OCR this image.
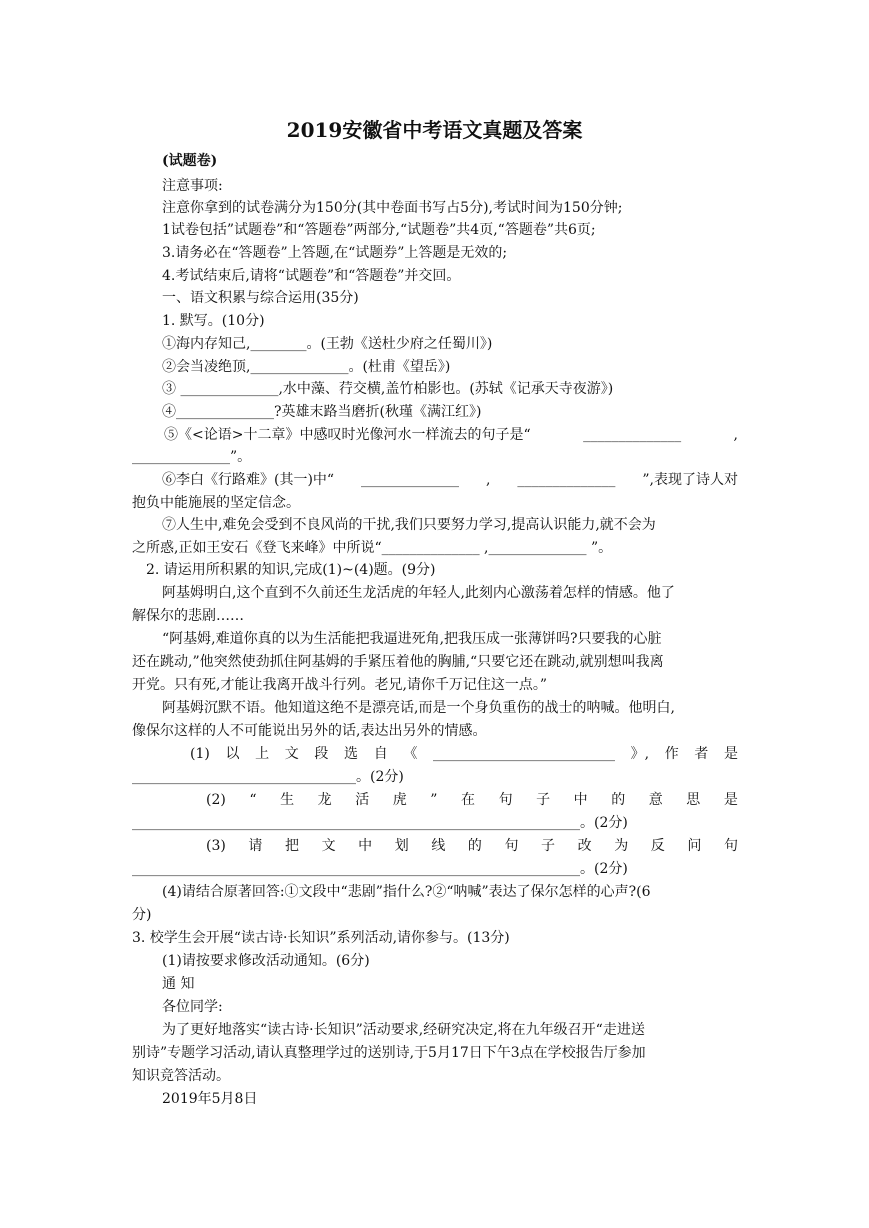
2019安徽省中考语文真题及答案
(试题卷)
注意事项:
注意你拿到的试卷满分为150分(其中卷面书写占5分),考试时间为150分钟;
1试卷包括”试题卷”和“答题卷”两部分,“试题卷”共4页,“答题卷”共6页;
3.请务必在“答题卷”上答题,在“试题券”上答题是无效的;
4.考试结束后,请将“试题卷”和“答题卷”并交回。
一、语文积累与综合运用(35分)
1. 默写。(10分)
①海内存知己,________。(王勃《送杜少府之任蜀川》)
②会当凌绝顶,______________。(杜甫《望岳》)
③ ______________,水中藻、荇交横,盖竹柏影也。(苏轼《记承天寺夜游》)
④______________?英雄末路当磨折(秋瑾《满江红》)
⑤《<论语>十二章》中感叹时光像河水一样流去的句子是“	______________	,
______________”。
⑥李白《行路难》(其一)中“ ______________ , ______________ ”,表现了诗人对
抱负中能施展的坚定信念。
⑦人生中,难免会受到不良风尚的干扰,我们只要努力学习,提高认识能力,就不会为
之所惑,正如王安石《登飞来峰》中所说“______________ ,______________ ”。
2. 请运用所积累的知识,完成(1)~(4)题。(9分)
阿基姆明白,这个直到不久前还生龙活虎的年轻人,此刻内心激荡着怎样的情感。他了
解保尔的悲剧……
“阿基姆,难道你真的以为生活能把我逼进死角,把我压成一张薄饼吗?只要我的心脏
还在跳动,”他突然使劲抓住阿基姆的手紧压着他的胸脯,“只要它还在跳动,就别想叫我离
开党。只有死,才能让我离开战斗行列。老兄,请你千万记住这一点。”
阿基姆沉默不语。他知道这绝不是漂亮话,而是一个身负重伤的战士的呐喊。他明白,
像保尔这样的人不可能说出另外的话,表达出另外的情感。
(1) 以 上 文 段 选 自 《 __________________________ 》, 作 者 是
________________________________。(2分)
(2) “ 生 龙 活 虎 ” 在 句 子 中 的 意 思 是
________________________________________________________________。(2分)
(3) 请 把 文 中 划 线 的 句 子 改 为 反 问 句
________________________________________________________________。(2分)
(4)请结合原著回答:①文段中“悲剧”指什么?②“呐喊”表达了保尔怎样的心声?(6
分)
3. 校学生会开展“读古诗·长知识”系列活动,请你参与。(13分)
(1)请按要求修改活动通知。(6分)
通 知
各位同学:
为了更好地落实“读古诗·长知识”活动要求,经研究决定,将在九年级召开“走进送
别诗”专题学习活动,请认真整理学过的送别诗,于5月17日下午3点在学校报告厅参加
知识竞答活动。
2019年5月8日
